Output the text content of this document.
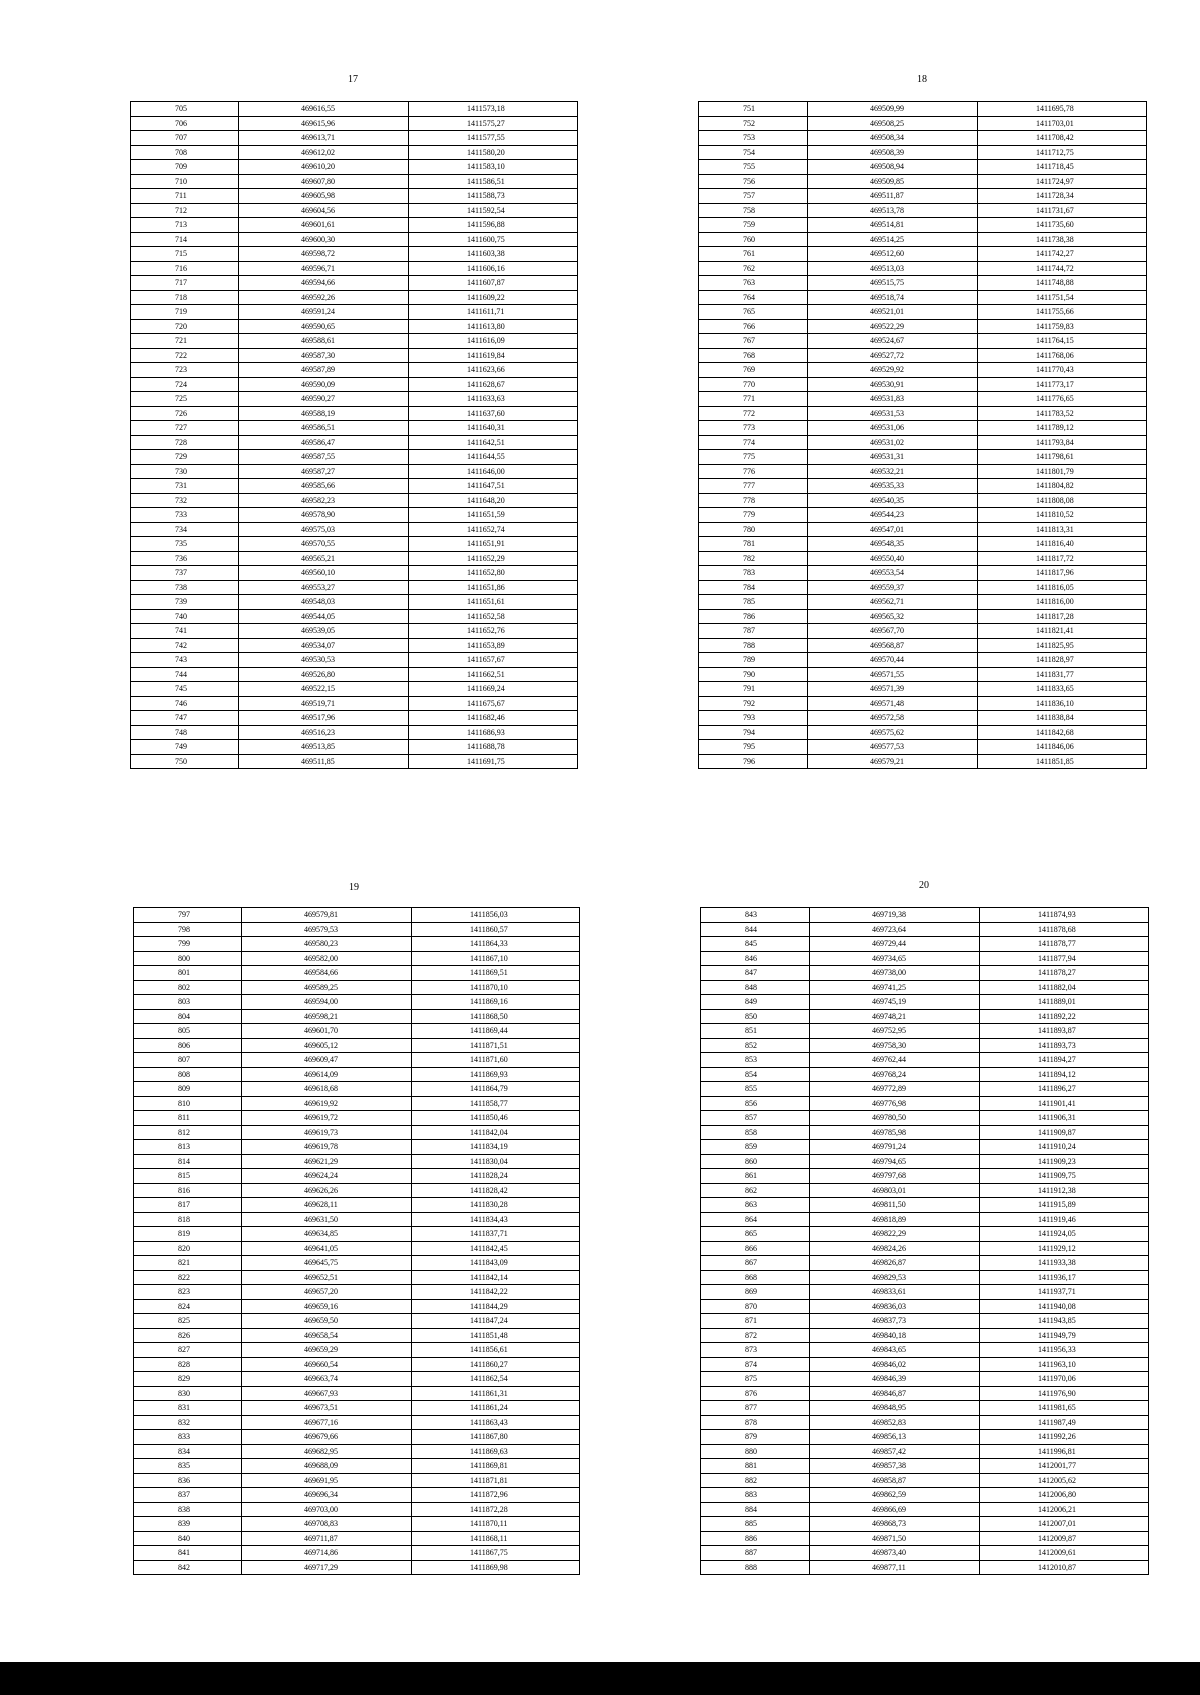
17
705	469616,55	1411573,18
706	469615,96	1411575,27
707	469613,71	1411577,55
708	469612,02	1411580,20
709	469610,20	1411583,10
710	469607,80	1411586,51
711	469605,98	1411588,73
712	469604,56	1411592,54
713	469601,61	1411596,88
714	469600,30	1411600,75
715	469598,72	1411603,38
716	469596,71	1411606,16
717	469594,66	1411607,87
718	469592,26	1411609,22
719	469591,24	1411611,71
720	469590,65	1411613,80
721	469588,61	1411616,09
722	469587,30	1411619,84
723	469587,89	1411623,66
724	469590,09	1411628,67
725	469590,27	1411633,63
726	469588,19	1411637,60
727	469586,51	1411640,31
728	469586,47	1411642,51
729	469587,55	1411644,55
730	469587,27	1411646,00
731	469585,66	1411647,51
732	469582,23	1411648,20
733	469578,90	1411651,59
734	469575,03	1411652,74
735	469570,55	1411651,91
736	469565,21	1411652,29
737	469560,10	1411652,80
738	469553,27	1411651,86
739	469548,03	1411651,61
740	469544,05	1411652,58
741	469539,05	1411652,76
742	469534,07	1411653,89
743	469530,53	1411657,67
744	469526,80	1411662,51
745	469522,15	1411669,24
746	469519,71	1411675,67
747	469517,96	1411682,46
748	469516,23	1411686,93
749	469513,85	1411688,78
750	469511,85	1411691,75
18
751	469509,99	1411695,78
752	469508,25	1411703,01
753	469508,34	1411708,42
754	469508,39	1411712,75
755	469508,94	1411718,45
756	469509,85	1411724,97
757	469511,87	1411728,34
758	469513,78	1411731,67
759	469514,81	1411735,60
760	469514,25	1411738,38
761	469512,60	1411742,27
762	469513,03	1411744,72
763	469515,75	1411748,88
764	469518,74	1411751,54
765	469521,01	1411755,66
766	469522,29	1411759,83
767	469524,67	1411764,15
768	469527,72	1411768,06
769	469529,92	1411770,43
770	469530,91	1411773,17
771	469531,83	1411776,65
772	469531,53	1411783,52
773	469531,06	1411789,12
774	469531,02	1411793,84
775	469531,31	1411798,61
776	469532,21	1411801,79
777	469535,33	1411804,82
778	469540,35	1411808,08
779	469544,23	1411810,52
780	469547,01	1411813,31
781	469548,35	1411816,40
782	469550,40	1411817,72
783	469553,54	1411817,96
784	469559,37	1411816,05
785	469562,71	1411816,00
786	469565,32	1411817,28
787	469567,70	1411821,41
788	469568,87	1411825,95
789	469570,44	1411828,97
790	469571,55	1411831,77
791	469571,39	1411833,65
792	469571,48	1411836,10
793	469572,58	1411838,84
794	469575,62	1411842,68
795	469577,53	1411846,06
796	469579,21	1411851,85
19
797	469579,81	1411856,03
798	469579,53	1411860,57
799	469580,23	1411864,33
800	469582,00	1411867,10
801	469584,66	1411869,51
802	469589,25	1411870,10
803	469594,00	1411869,16
804	469598,21	1411868,50
805	469601,70	1411869,44
806	469605,12	1411871,51
807	469609,47	1411871,60
808	469614,09	1411869,93
809	469618,68	1411864,79
810	469619,92	1411858,77
811	469619,72	1411850,46
812	469619,73	1411842,04
813	469619,78	1411834,19
814	469621,29	1411830,04
815	469624,24	1411828,24
816	469626,26	1411828,42
817	469628,11	1411830,28
818	469631,50	1411834,43
819	469634,85	1411837,71
820	469641,05	1411842,45
821	469645,75	1411843,09
822	469652,51	1411842,14
823	469657,20	1411842,22
824	469659,16	1411844,29
825	469659,50	1411847,24
826	469658,54	1411851,48
827	469659,29	1411856,61
828	469660,54	1411860,27
829	469663,74	1411862,54
830	469667,93	1411861,31
831	469673,51	1411861,24
832	469677,16	1411863,43
833	469679,66	1411867,80
834	469682,95	1411869,63
835	469688,09	1411869,81
836	469691,95	1411871,81
837	469696,34	1411872,96
838	469703,00	1411872,28
839	469708,83	1411870,11
840	469711,87	1411868,11
841	469714,86	1411867,75
842	469717,29	1411869,98
20
843	469719,38	1411874,93
844	469723,64	1411878,68
845	469729,44	1411878,77
846	469734,65	1411877,94
847	469738,00	1411878,27
848	469741,25	1411882,04
849	469745,19	1411889,01
850	469748,21	1411892,22
851	469752,95	1411893,87
852	469758,30	1411893,73
853	469762,44	1411894,27
854	469768,24	1411894,12
855	469772,89	1411896,27
856	469776,98	1411901,41
857	469780,50	1411906,31
858	469785,98	1411909,87
859	469791,24	1411910,24
860	469794,65	1411909,23
861	469797,68	1411909,75
862	469803,01	1411912,38
863	469811,50	1411915,89
864	469818,89	1411919,46
865	469822,29	1411924,05
866	469824,26	1411929,12
867	469826,87	1411933,38
868	469829,53	1411936,17
869	469833,61	1411937,71
870	469836,03	1411940,08
871	469837,73	1411943,85
872	469840,18	1411949,79
873	469843,65	1411956,33
874	469846,02	1411963,10
875	469846,39	1411970,06
876	469846,87	1411976,90
877	469848,95	1411981,65
878	469852,83	1411987,49
879	469856,13	1411992,26
880	469857,42	1411996,81
881	469857,38	1412001,77
882	469858,87	1412005,62
883	469862,59	1412006,80
884	469866,69	1412006,21
885	469868,73	1412007,01
886	469871,50	1412009,87
887	469873,40	1412009,61
888	469877,11	1412010,87
